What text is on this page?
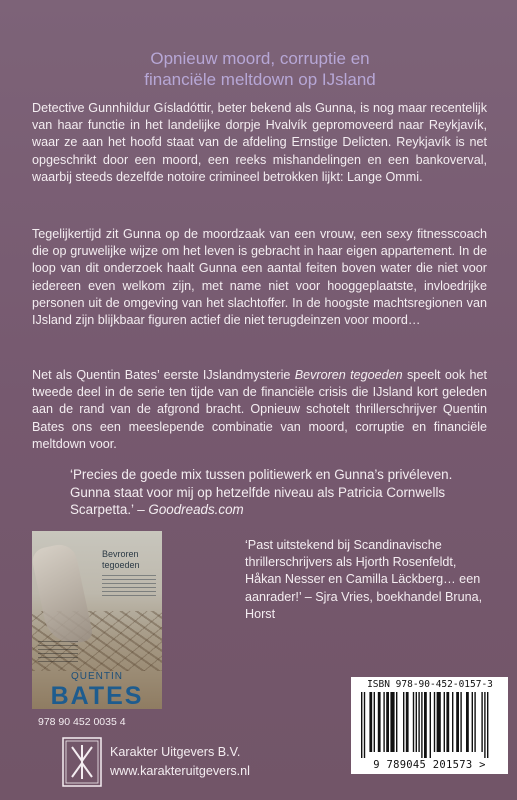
Opnieuw moord, corruptie en
financiële meltdown op IJsland

Detective Gunnhildur Gísladóttir, beter bekend als Gunna, is nog maar recentelijk van haar functie in het landelijke dorpje Hvalvík gepromoveerd naar Reykjavík, waar ze aan het hoofd staat van de afdeling Ernstige Delicten. Reykjavík is net opgeschrikt door een moord, een reeks mishandelingen en een bankoverval, waarbij steeds dezelfde notoire crimineel betrokken lijkt: Lange Ommi.

Tegelijkertijd zit Gunna op de moordzaak van een vrouw, een sexy fitnesscoach die op gruwelijke wijze om het leven is gebracht in haar eigen appartement. In de loop van dit onderzoek haalt Gunna een aantal feiten boven water die niet voor iedereen even welkom zijn, met name niet voor hooggeplaatste, invloedrijke personen uit de omgeving van het slachtoffer. In de hoogste machtsregionen van IJsland zijn blijkbaar figuren actief die niet terugdeinzen voor moord…

Net als Quentin Bates’ eerste IJslandmysterie Bevroren tegoeden speelt ook het tweede deel in de serie ten tijde van de financiële crisis die IJsland kort geleden aan de rand van de afgrond bracht. Opnieuw schotelt thrillerschrijver Quentin Bates ons een meeslepende combinatie van moord, corruptie en financiële meltdown voor.

‘Precies de goede mix tussen politiewerk en Gunna’s privéleven. Gunna staat voor mij op hetzelfde niveau als Patricia Cornwells Scarpetta.’ – Goodreads.com

‘Past uitstekend bij Scandinavische thrillerschrijvers als Hjorth Rosenfeldt, Håkan Nesser en Camilla Läckberg… een aanrader!’ – Sjra Vries, boekhandel Bruna, Horst

Bevroren tegoeden
QUENTIN
BATES
978 90 452 0035 4
Karakter Uitgevers B.V.
www.karakteruitgevers.nl

ISBN 978-90-452-0157-3

9 789045 201573 >
